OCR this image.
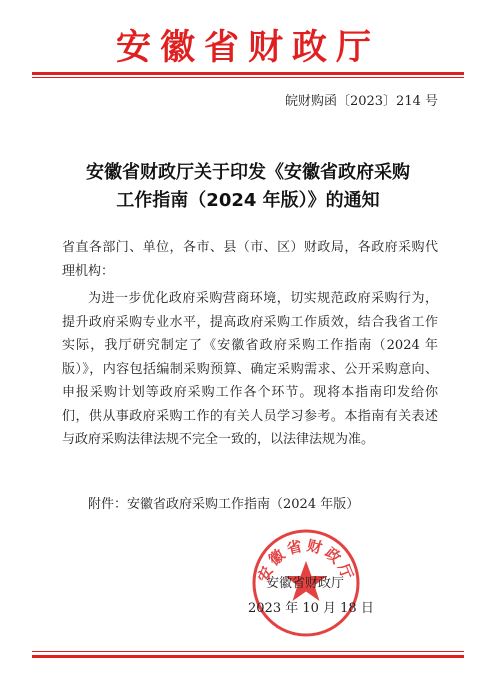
安徽省财政厅
皖财购函〔2023〕214 号
安徽省财政厅关于印发《安徽省政府采购
工作指南（2024 年版）》的通知
省直各部门、单位，各市、县（市、区）财政局，各政府采购代理机构：
为进一步优化政府采购营商环境，切实规范政府采购行为，提升政府采购专业水平，提高政府采购工作质效，结合我省工作实际，我厅研究制定了《安徽省政府采购工作指南（2024 年版）》，内容包括编制采购预算、确定采购需求、公开采购意向、申报采购计划等政府采购工作各个环节。现将本指南印发给你们，供从事政府采购工作的有关人员学习参考。本指南有关表述与政府采购法律法规不完全一致的，以法律法规为准。
附件：安徽省政府采购工作指南（2024 年版）
安徽省财政厅
安徽省财政厅
2023 年 10 月 18 日
